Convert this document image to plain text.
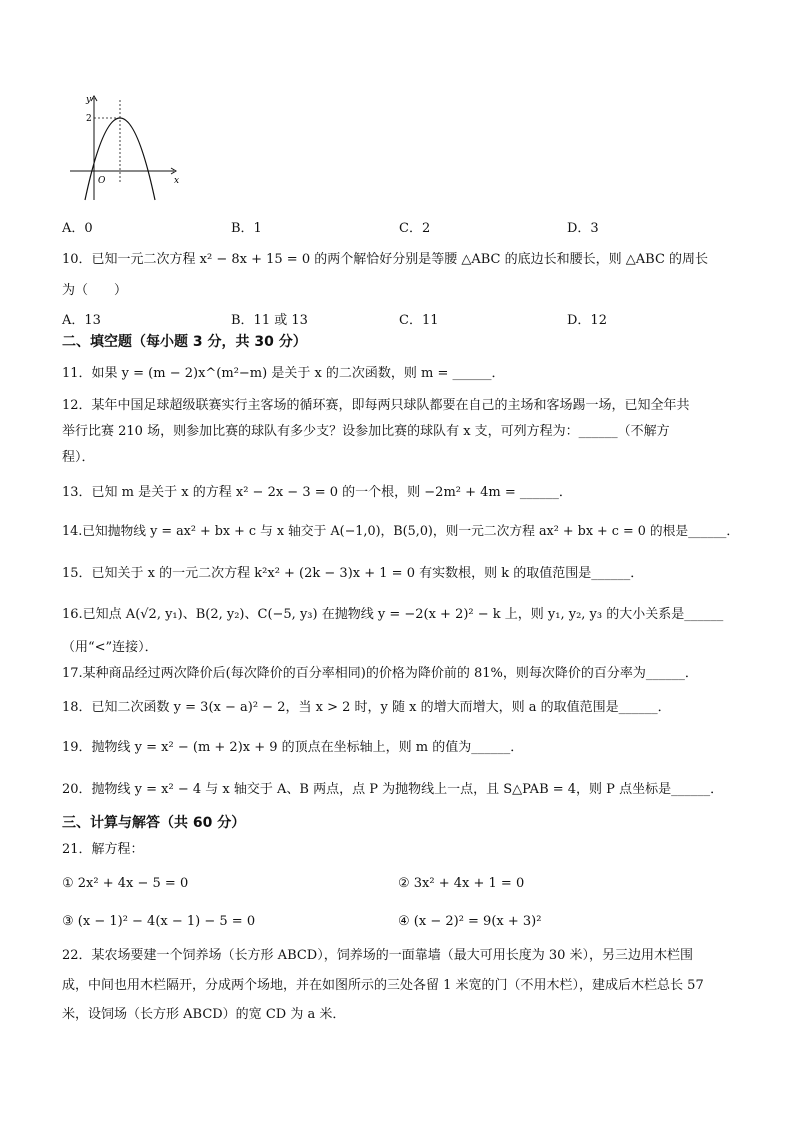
y
x
O
2
A．0	B．1	C．2	D．3
10．已知一元二次方程 x² − 8x + 15 = 0 的两个解恰好分别是等腰 △ABC 的底边长和腰长，则 △ABC 的周长
为（　　）
A．13	B．11 或 13	C．11	D．12
二、填空题（每小题 3 分，共 30 分）
11．如果 y = (m − 2)x^(m²−m) 是关于 x 的二次函数，则 m = ______．
12．某年中国足球超级联赛实行主客场的循环赛，即每两只球队都要在自己的主场和客场踢一场，已知全年共
举行比赛 210 场，则参加比赛的球队有多少支？设参加比赛的球队有 x 支，可列方程为：______（不解方
程）．
13．已知 m 是关于 x 的方程 x² − 2x − 3 = 0 的一个根，则 −2m² + 4m = ______．
14.已知抛物线 y = ax² + bx + c 与 x 轴交于 A(−1,0)，B(5,0)，则一元二次方程 ax² + bx + c = 0 的根是______．
15．已知关于 x 的一元二次方程 k²x² + (2k − 3)x + 1 = 0 有实数根，则 k 的取值范围是______．
16.已知点 A(√2, y₁)、B(2, y₂)、C(−5, y₃) 在抛物线 y = −2(x + 2)² − k 上，则 y₁, y₂, y₃ 的大小关系是______
（用“<”连接）．
17.某种商品经过两次降价后(每次降价的百分率相同)的价格为降价前的 81%，则每次降价的百分率为______．
18．已知二次函数 y = 3(x − a)² − 2，当 x > 2 时，y 随 x 的增大而增大，则 a 的取值范围是______．
19．抛物线 y = x² − (m + 2)x + 9 的顶点在坐标轴上，则 m 的值为______．
20．抛物线 y = x² − 4 与 x 轴交于 A、B 两点，点 P 为抛物线上一点，且 S△PAB = 4，则 P 点坐标是______．
三、计算与解答（共 60 分）
21．解方程：
① 2x² + 4x − 5 = 0	② 3x² + 4x + 1 = 0
③ (x − 1)² − 4(x − 1) − 5 = 0	④ (x − 2)² = 9(x + 3)²
22．某农场要建一个饲养场（长方形 ABCD），饲养场的一面靠墙（最大可用长度为 30 米），另三边用木栏围
成，中间也用木栏隔开，分成两个场地，并在如图所示的三处各留 1 米宽的门（不用木栏），建成后木栏总长 57
米，设饲场（长方形 ABCD）的宽 CD 为 a 米．
